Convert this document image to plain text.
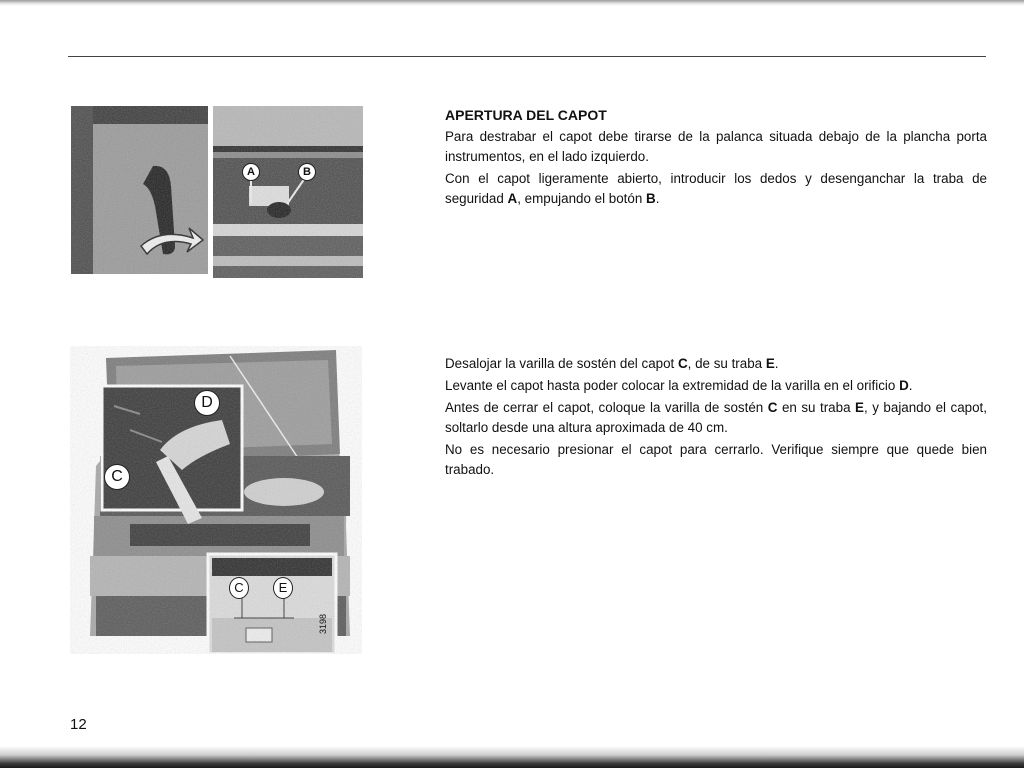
A	B
D
C
C	E
3198
APERTURA DEL CAPOT

Para destrabar el capot debe tirarse de la palanca situada debajo de la plancha porta instrumentos, en el lado izquierdo.

Con el capot ligeramente abierto, introducir los dedos y desenganchar la traba de seguridad A, empujando el botón B.

Desalojar la varilla de sostén del capot C, de su traba E.

Levante el capot hasta poder colocar la extremidad de la varilla en el orificio D.

Antes de cerrar el capot, coloque la varilla de sostén C en su traba E, y bajando el capot, soltarlo desde una altura aproximada de 40 cm.

No es necesario presionar el capot para cerrarlo. Verifique siempre que quede bien trabado.

12
